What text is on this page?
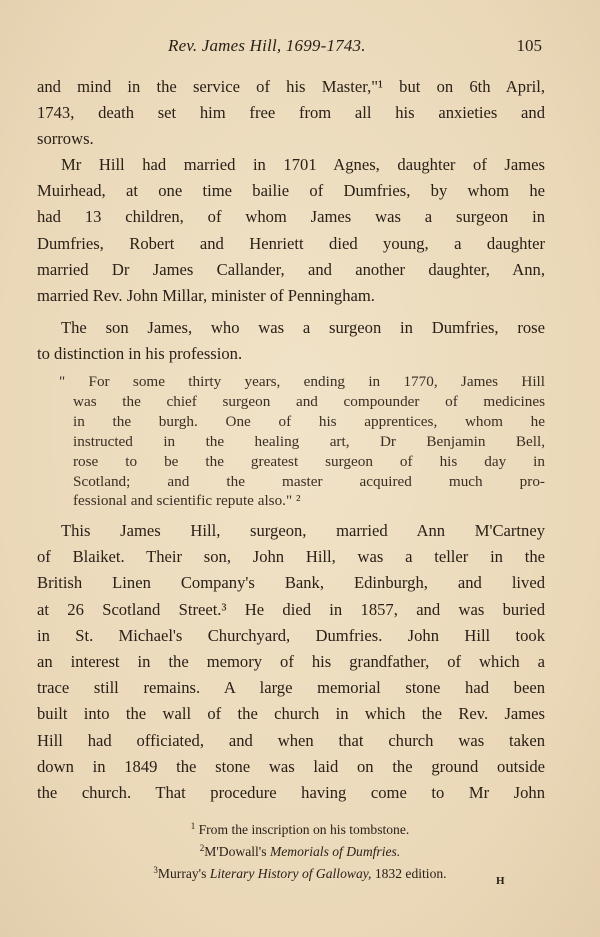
Rev. James Hill, 1699-1743.	105
and mind in the service of his Master,"¹ but on 6th April,
1743, death set him free from all his anxieties and
sorrows.
Mr Hill had married in 1701 Agnes, daughter of James
Muirhead, at one time bailie of Dumfries, by whom he
had 13 children, of whom James was a surgeon in
Dumfries, Robert and Henriett died young, a daughter
married Dr James Callander, and another daughter, Ann,
married Rev. John Millar, minister of Penningham.
The son James, who was a surgeon in Dumfries, rose
to distinction in his profession.
" For some thirty years, ending in 1770, James Hill
was the chief surgeon and compounder of medicines
in the burgh. One of his apprentices, whom he
instructed in the healing art, Dr Benjamin Bell,
rose to be the greatest surgeon of his day in
Scotland; and the master acquired much pro-
fessional and scientific repute also." ²
This James Hill, surgeon, married Ann M'Cartney
of Blaiket. Their son, John Hill, was a teller in the
British Linen Company's Bank, Edinburgh, and lived
at 26 Scotland Street.³ He died in 1857, and was buried
in St. Michael's Churchyard, Dumfries. John Hill took
an interest in the memory of his grandfather, of which a
trace still remains. A large memorial stone had been
built into the wall of the church in which the Rev. James
Hill had officiated, and when that church was taken
down in 1849 the stone was laid on the ground outside
the church. That procedure having come to Mr John
$^1$ From the inscription on his tombstone.
$^2$M'Dowall's Memorials of Dumfries.
$^3$Murray's Literary History of Galloway, 1832 edition.	H
